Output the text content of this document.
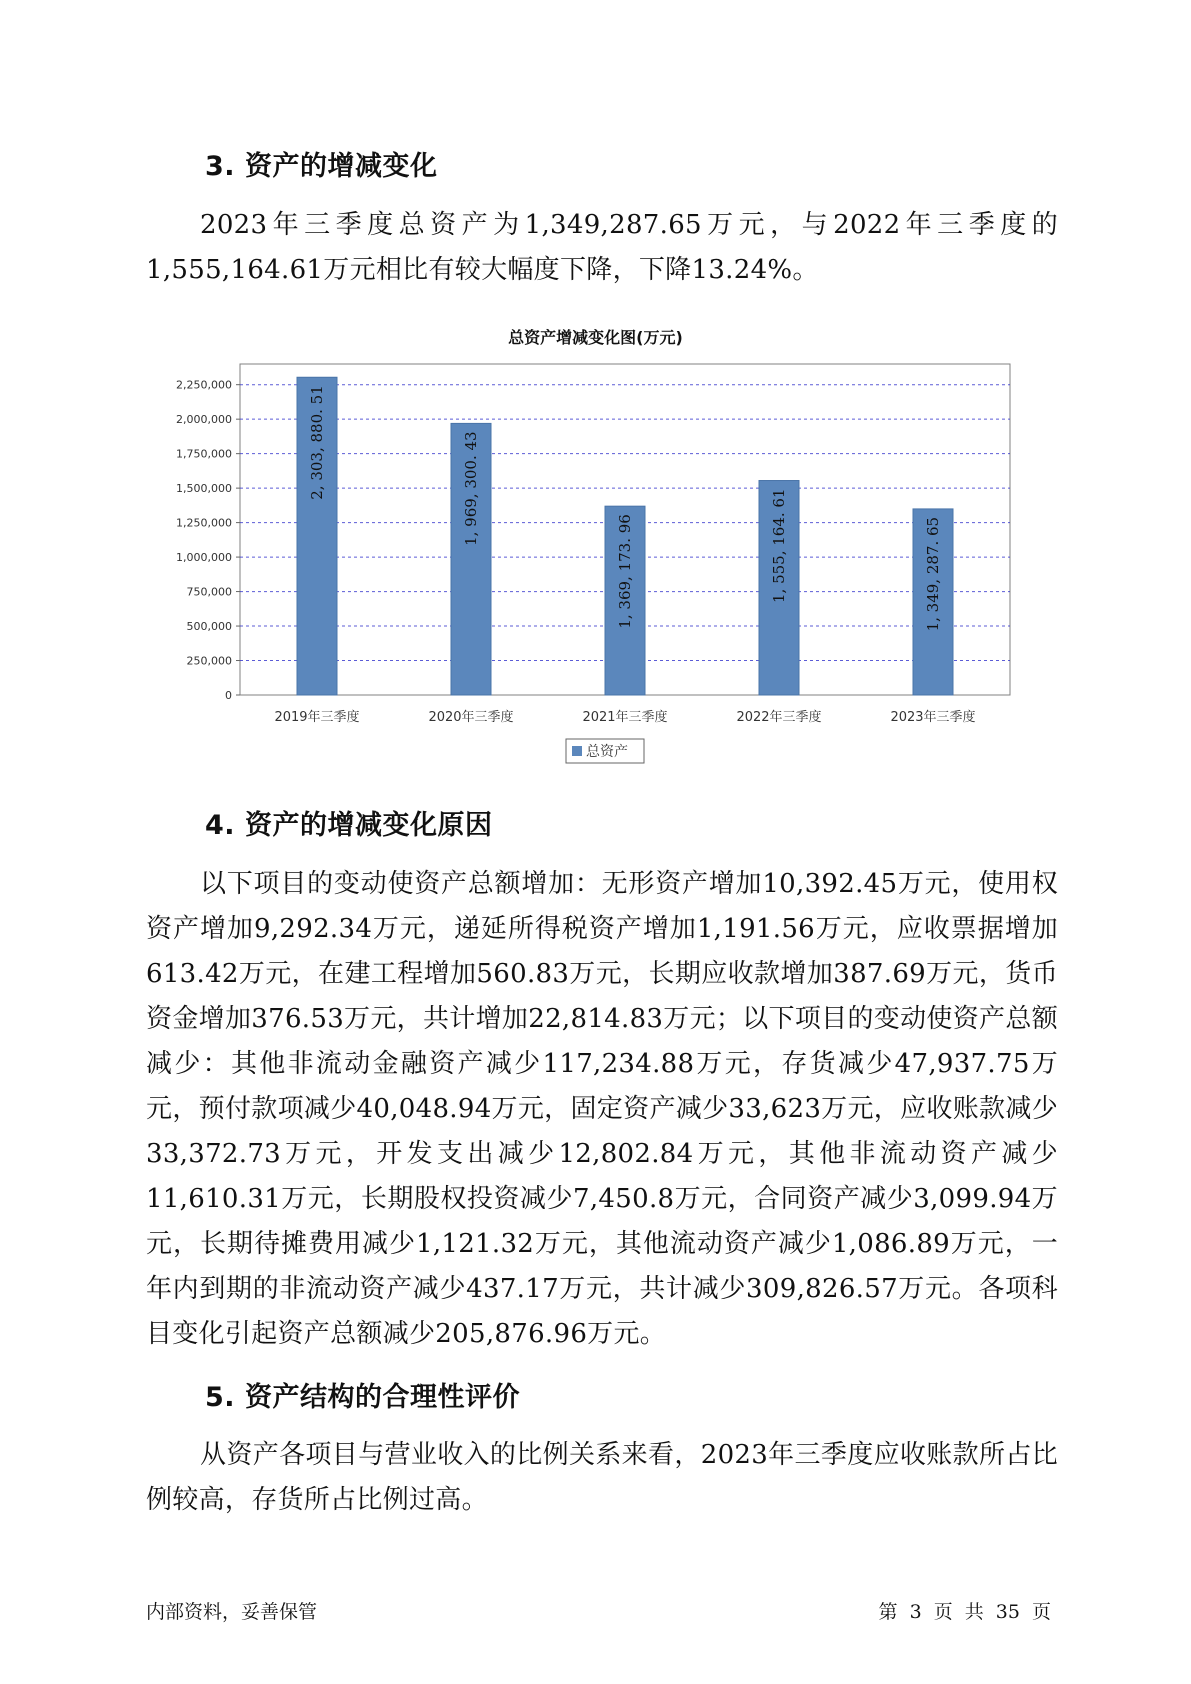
3. 资产的增减变化

2023年三季度总资产为1,349,287.65万元，与2022年三季度的1,555,164.61万元相比有较大幅度下降，下降13.24%。

总资产增减变化图(万元)
0
250,000
500,000
750,000
1,000,000
1,250,000
1,500,000
1,750,000
2,000,000
2,250,000
2, 303, 880. 51
2019年三季度
1, 969, 300. 43
2020年三季度
1, 369, 173. 96
2021年三季度
1, 555, 164. 61
2022年三季度
1, 349, 287. 65
2023年三季度
总资产
4. 资产的增减变化原因

以下项目的变动使资产总额增加：无形资产增加10,392.45万元，使用权资产增加9,292.34万元，递延所得税资产增加1,191.56万元，应收票据增加613.42万元，在建工程增加560.83万元，长期应收款增加387.69万元，货币资金增加376.53万元，共计增加22,814.83万元；以下项目的变动使资产总额减少：其他非流动金融资产减少117,234.88万元，存货减少47,937.75万元，预付款项减少40,048.94万元，固定资产减少33,623万元，应收账款减少33,372.73万元，开发支出减少12,802.84万元，其他非流动资产减少11,610.31万元，长期股权投资减少7,450.8万元，合同资产减少3,099.94万元，长期待摊费用减少1,121.32万元，其他流动资产减少1,086.89万元，一年内到期的非流动资产减少437.17万元，共计减少309,826.57万元。各项科目变化引起资产总额减少205,876.96万元。

5. 资产结构的合理性评价

从资产各项目与营业收入的比例关系来看，2023年三季度应收账款所占比例较高，存货所占比例过高。

内部资料，妥善保管	第 3 页 共 35 页
